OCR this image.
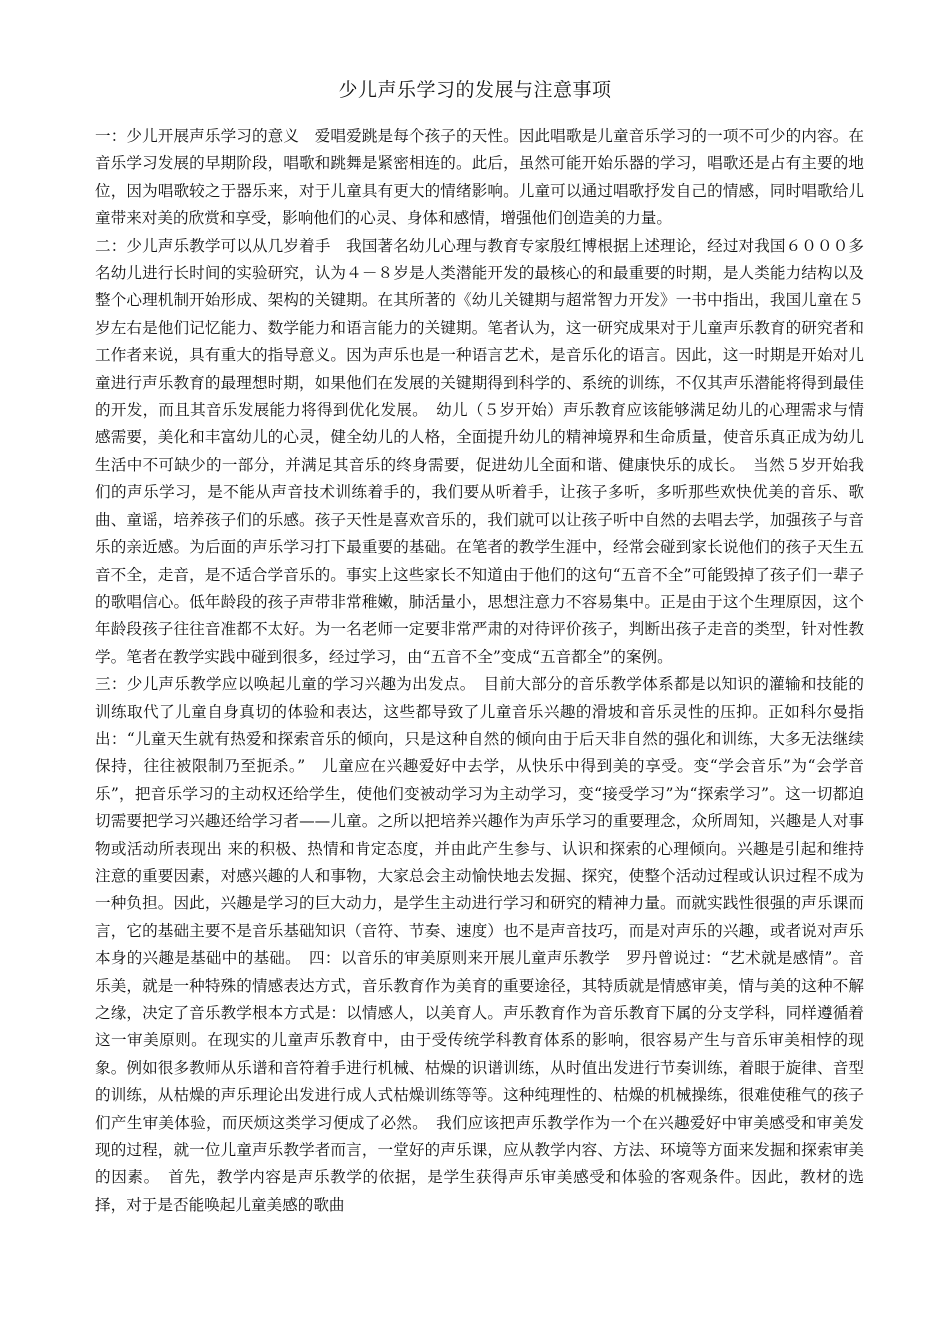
少儿声乐学习的发展与注意事项

一：少儿开展声乐学习的意义　爱唱爱跳是每个孩子的天性。因此唱歌是儿童音乐学习的一项不可少的内容。在音乐学习发展的早期阶段，唱歌和跳舞是紧密相连的。此后，虽然可能开始乐器的学习，唱歌还是占有主要的地位，因为唱歌较之于器乐来，对于儿童具有更大的情绪影响。儿童可以通过唱歌抒发自己的情感，同时唱歌给儿童带来对美的欣赏和享受，影响他们的心灵、身体和感情，增强他们创造美的力量。

二：少儿声乐教学可以从几岁着手　我国著名幼儿心理与教育专家殷红博根据上述理论，经过对我国６０００多名幼儿进行长时间的实验研究，认为４－８岁是人类潜能开发的最核心的和最重要的时期，是人类能力结构以及整个心理机制开始形成、架构的关键期。在其所著的《幼儿关键期与超常智力开发》一书中指出，我国儿童在５岁左右是他们记忆能力、数学能力和语言能力的关键期。笔者认为，这一研究成果对于儿童声乐教育的研究者和工作者来说，具有重大的指导意义。因为声乐也是一种语言艺术，是音乐化的语言。因此，这一时期是开始对儿童进行声乐教育的最理想时期，如果他们在发展的关键期得到科学的、系统的训练，不仅其声乐潜能将得到最佳的开发，而且其音乐发展能力将得到优化发展。　幼儿（５岁开始）声乐教育应该能够满足幼儿的心理需求与情感需要，美化和丰富幼儿的心灵，健全幼儿的人格，全面提升幼儿的精神境界和生命质量，使音乐真正成为幼儿生活中不可缺少的一部分，并满足其音乐的终身需要，促进幼儿全面和谐、健康快乐的成长。　当然５岁开始我们的声乐学习，是不能从声音技术训练着手的，我们要从听着手，让孩子多听，多听那些欢快优美的音乐、歌曲、童谣，培养孩子们的乐感。孩子天性是喜欢音乐的，我们就可以让孩子听中自然的去唱去学，加强孩子与音乐的亲近感。为后面的声乐学习打下最重要的基础。在笔者的教学生涯中，经常会碰到家长说他们的孩子天生五音不全，走音，是不适合学音乐的。事实上这些家长不知道由于他们的这句“五音不全”可能毁掉了孩子们一辈子的歌唱信心。低年龄段的孩子声带非常稚嫩，肺活量小，思想注意力不容易集中。正是由于这个生理原因，这个年龄段孩子往往音准都不太好。为一名老师一定要非常严肃的对待评价孩子，判断出孩子走音的类型，针对性教学。笔者在教学实践中碰到很多，经过学习，由“五音不全”变成“五音都全”的案例。

三：少儿声乐教学应以唤起儿童的学习兴趣为出发点。　目前大部分的音乐教学体系都是以知识的灌输和技能的训练取代了儿童自身真切的体验和表达，这些都导致了儿童音乐兴趣的滑坡和音乐灵性的压抑。正如科尔曼指出：“儿童天生就有热爱和探索音乐的倾向，只是这种自然的倾向由于后天非自然的强化和训练，大多无法继续保持，往往被限制乃至扼杀。”　儿童应在兴趣爱好中去学，从快乐中得到美的享受。变“学会音乐”为“会学音乐”，把音乐学习的主动权还给学生，使他们变被动学习为主动学习，变“接受学习”为“探索学习”。这一切都迫切需要把学习兴趣还给学习者——儿童。之所以把培养兴趣作为声乐学习的重要理念，众所周知，兴趣是人对事物或活动所表现出 来的积极、热情和肯定态度，并由此产生参与、认识和探索的心理倾向。兴趣是引起和维持注意的重要因素，对感兴趣的人和事物，大家总会主动愉快地去发掘、探究，使整个活动过程或认识过程不成为一种负担。因此，兴趣是学习的巨大动力，是学生主动进行学习和研究的精神力量。而就实践性很强的声乐课而言，它的基础主要不是音乐基础知识（音符、节奏、速度）也不是声音技巧，而是对声乐的兴趣，或者说对声乐本身的兴趣是基础中的基础。　四：以音乐的审美原则来开展儿童声乐教学　罗丹曾说过：“艺术就是感情”。音乐美，就是一种特殊的情感表达方式，音乐教育作为美育的重要途径，其特质就是情感审美，情与美的这种不解之缘，决定了音乐教学根本方式是：以情感人，以美育人。声乐教育作为音乐教育下属的分支学科，同样遵循着这一审美原则。在现实的儿童声乐教育中，由于受传统学科教育体系的影响，很容易产生与音乐审美相悖的现象。例如很多教师从乐谱和音符着手进行机械、枯燥的识谱训练，从时值出发进行节奏训练，着眼于旋律、音型的训练，从枯燥的声乐理论出发进行成人式枯燥训练等等。这种纯理性的、枯燥的机械操练，很难使稚气的孩子们产生审美体验，而厌烦这类学习便成了必然。　我们应该把声乐教学作为一个在兴趣爱好中审美感受和审美发现的过程，就一位儿童声乐教学者而言，一堂好的声乐课，应从教学内容、方法、环境等方面来发掘和探索审美的因素。　首先，教学内容是声乐教学的依据，是学生获得声乐审美感受和体验的客观条件。因此，教材的选择，对于是否能唤起儿童美感的歌曲
